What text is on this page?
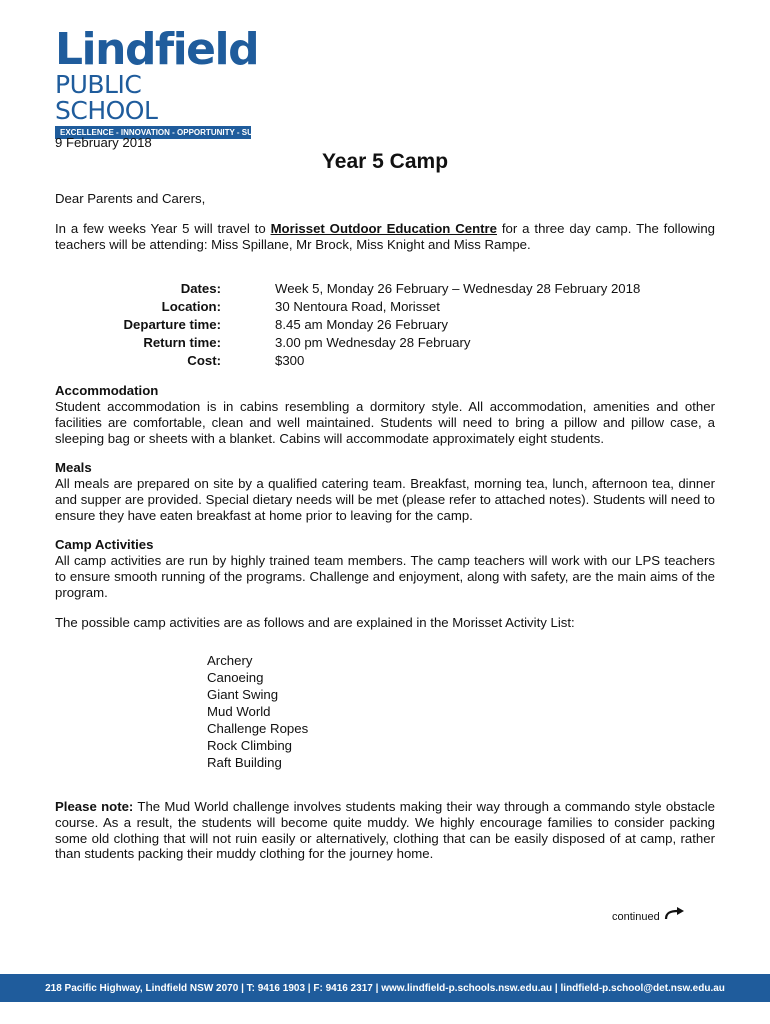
Lindfield
PUBLIC SCHOOL
EXCELLENCE - INNOVATION - OPPORTUNITY - SUCCESS
9 February 2018
Year 5 Camp
Dear Parents and Carers,
In a few weeks Year 5 will travel to Morisset Outdoor Education Centre for a three day camp. The following teachers will be attending: Miss Spillane, Mr Brock, Miss Knight and Miss Rampe.
Dates:	Week 5, Monday 26 February – Wednesday 28 February 2018
Location:	30 Nentoura Road, Morisset
Departure time:	8.45 am Monday 26 February
Return time:	3.00 pm Wednesday 28 February
Cost:	$300
Accommodation

Student accommodation is in cabins resembling a dormitory style. All accommodation, amenities and other facilities are comfortable, clean and well maintained. Students will need to bring a pillow and pillow case, a sleeping bag or sheets with a blanket. Cabins will accommodate approximately eight students.

Meals

All meals are prepared on site by a qualified catering team. Breakfast, morning tea, lunch, afternoon tea, dinner and supper are provided. Special dietary needs will be met (please refer to attached notes). Students will need to ensure they have eaten breakfast at home prior to leaving for the camp.

Camp Activities

All camp activities are run by highly trained team members. The camp teachers will work with our LPS teachers to ensure smooth running of the programs. Challenge and enjoyment, along with safety, are the main aims of the program.

The possible camp activities are as follows and are explained in the Morisset Activity List:

Archery
Canoeing
Giant Swing
Mud World
Challenge Ropes
Rock Climbing
Raft Building
Please note: The Mud World challenge involves students making their way through a commando style obstacle course. As a result, the students will become quite muddy. We highly encourage families to consider packing some old clothing that will not ruin easily or alternatively, clothing that can be easily disposed of at camp, rather than students packing their muddy clothing for the journey home.
continued
218 Pacific Highway, Lindfield NSW 2070 | T: 9416 1903 | F: 9416 2317 | www.lindfield-p.schools.nsw.edu.au | lindfield-p.school@det.nsw.edu.au
